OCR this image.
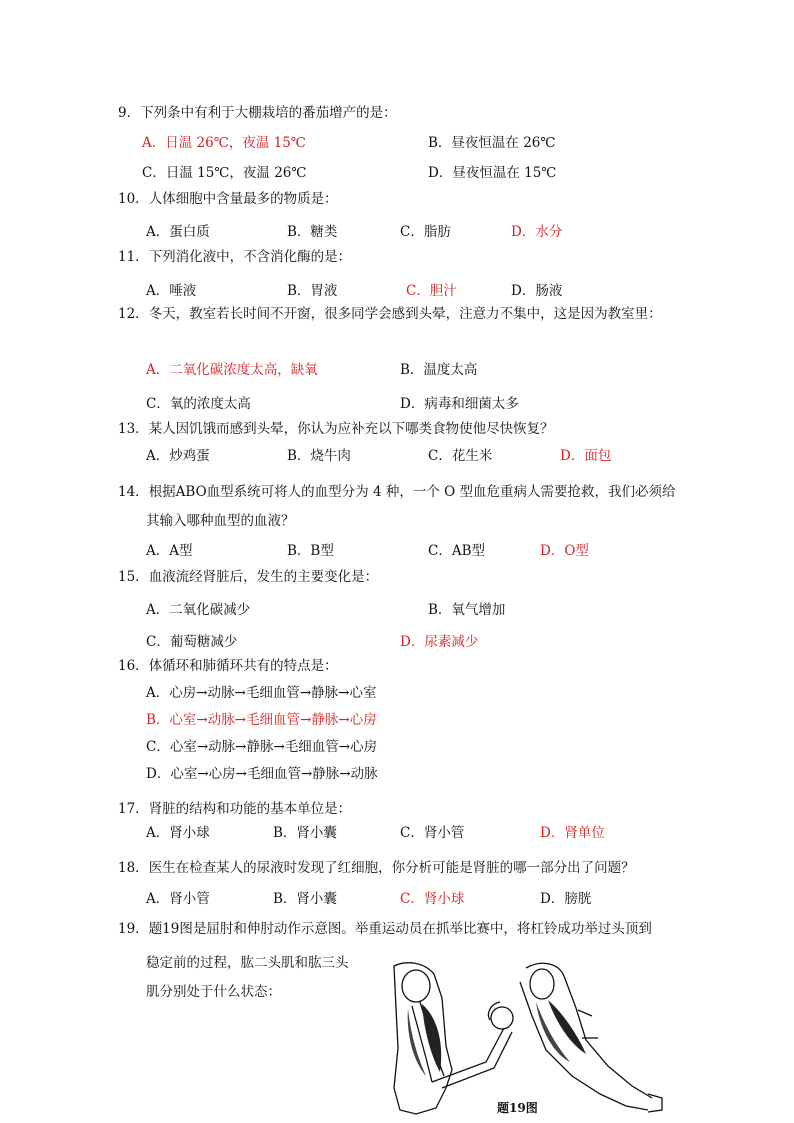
9．下列条中有利于大棚栽培的番茄增产的是：
A．日温 26℃，夜温 15℃	B．昼夜恒温在 26℃
C．日温 15℃，夜温 26℃	D．昼夜恒温在 15℃
10．人体细胞中含量最多的物质是：
A．蛋白质	B．糖类	C．脂肪	D．水分
11．下列消化液中，不含消化酶的是：
A．唾液	B．胃液	C．胆汁	D．肠液
12．冬天，教室若长时间不开窗，很多同学会感到头晕，注意力不集中，这是因为教室里：
A．二氧化碳浓度太高，缺氧	B．温度太高
C．氧的浓度太高	D．病毒和细菌太多
13．某人因饥饿而感到头晕，你认为应补充以下哪类食物使他尽快恢复？
A．炒鸡蛋	B．烧牛肉	C．花生米	D．面包
14．根据ABO血型系统可将人的血型分为 4 种，一个 O 型血危重病人需要抢救，我们必须给
其输入哪种血型的血液？
A．A型	B．B型	C．AB型	D．O型
15．血液流经肾脏后，发生的主要变化是：
A．二氧化碳减少	B．氧气增加
C．葡萄糖减少	D．尿素减少
16．体循环和肺循环共有的特点是：
A．心房→动脉→毛细血管→静脉→心室
B．心室→动脉→毛细血管→静脉→心房
C．心室→动脉→静脉→毛细血管→心房
D．心室→心房→毛细血管→静脉→动脉
17．肾脏的结构和功能的基本单位是：
A．肾小球	B．肾小囊	C．肾小管	D．肾单位
18．医生在检查某人的尿液时发现了红细胞，你分析可能是肾脏的哪一部分出了问题？
A．肾小管	B．肾小囊	C．肾小球	D．膀胱
19．题19图是屈肘和伸肘动作示意图。举重运动员在抓举比赛中，将杠铃成功举过头顶到
稳定前的过程，肱二头肌和肱三头
肌分别处于什么状态：
题19图
